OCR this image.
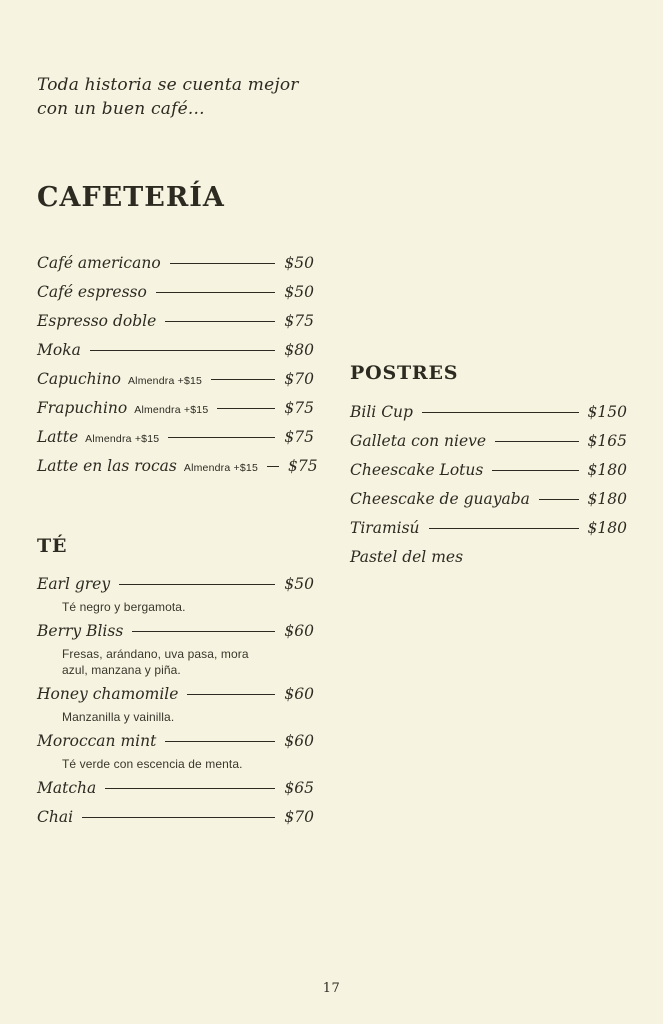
Toda historia se cuenta mejor con un buen café...
CAFETERÍA
Café americano	$50
Café espresso	$50
Espresso doble	$75
Moka	$80
Capuchino Almendra +$15	$70
Frapuchino Almendra +$15	$75
Latte Almendra +$15	$75
Latte en las rocas Almendra +$15 $75
TÉ
Earl grey	$50
Té negro y bergamota.
Berry Bliss	$60
Fresas, arándano, uva pasa, mora azul, manzana y piña.
Honey chamomile	$60
Manzanilla y vainilla.
Moroccan mint	$60
Té verde con escencia de menta.
Matcha	$65
Chai	$70
POSTRES
Bili Cup	$150
Galleta con nieve	$165
Cheescake Lotus	$180
Cheescake de guayaba	$180
Tiramisú	$180
Pastel del mes
17
